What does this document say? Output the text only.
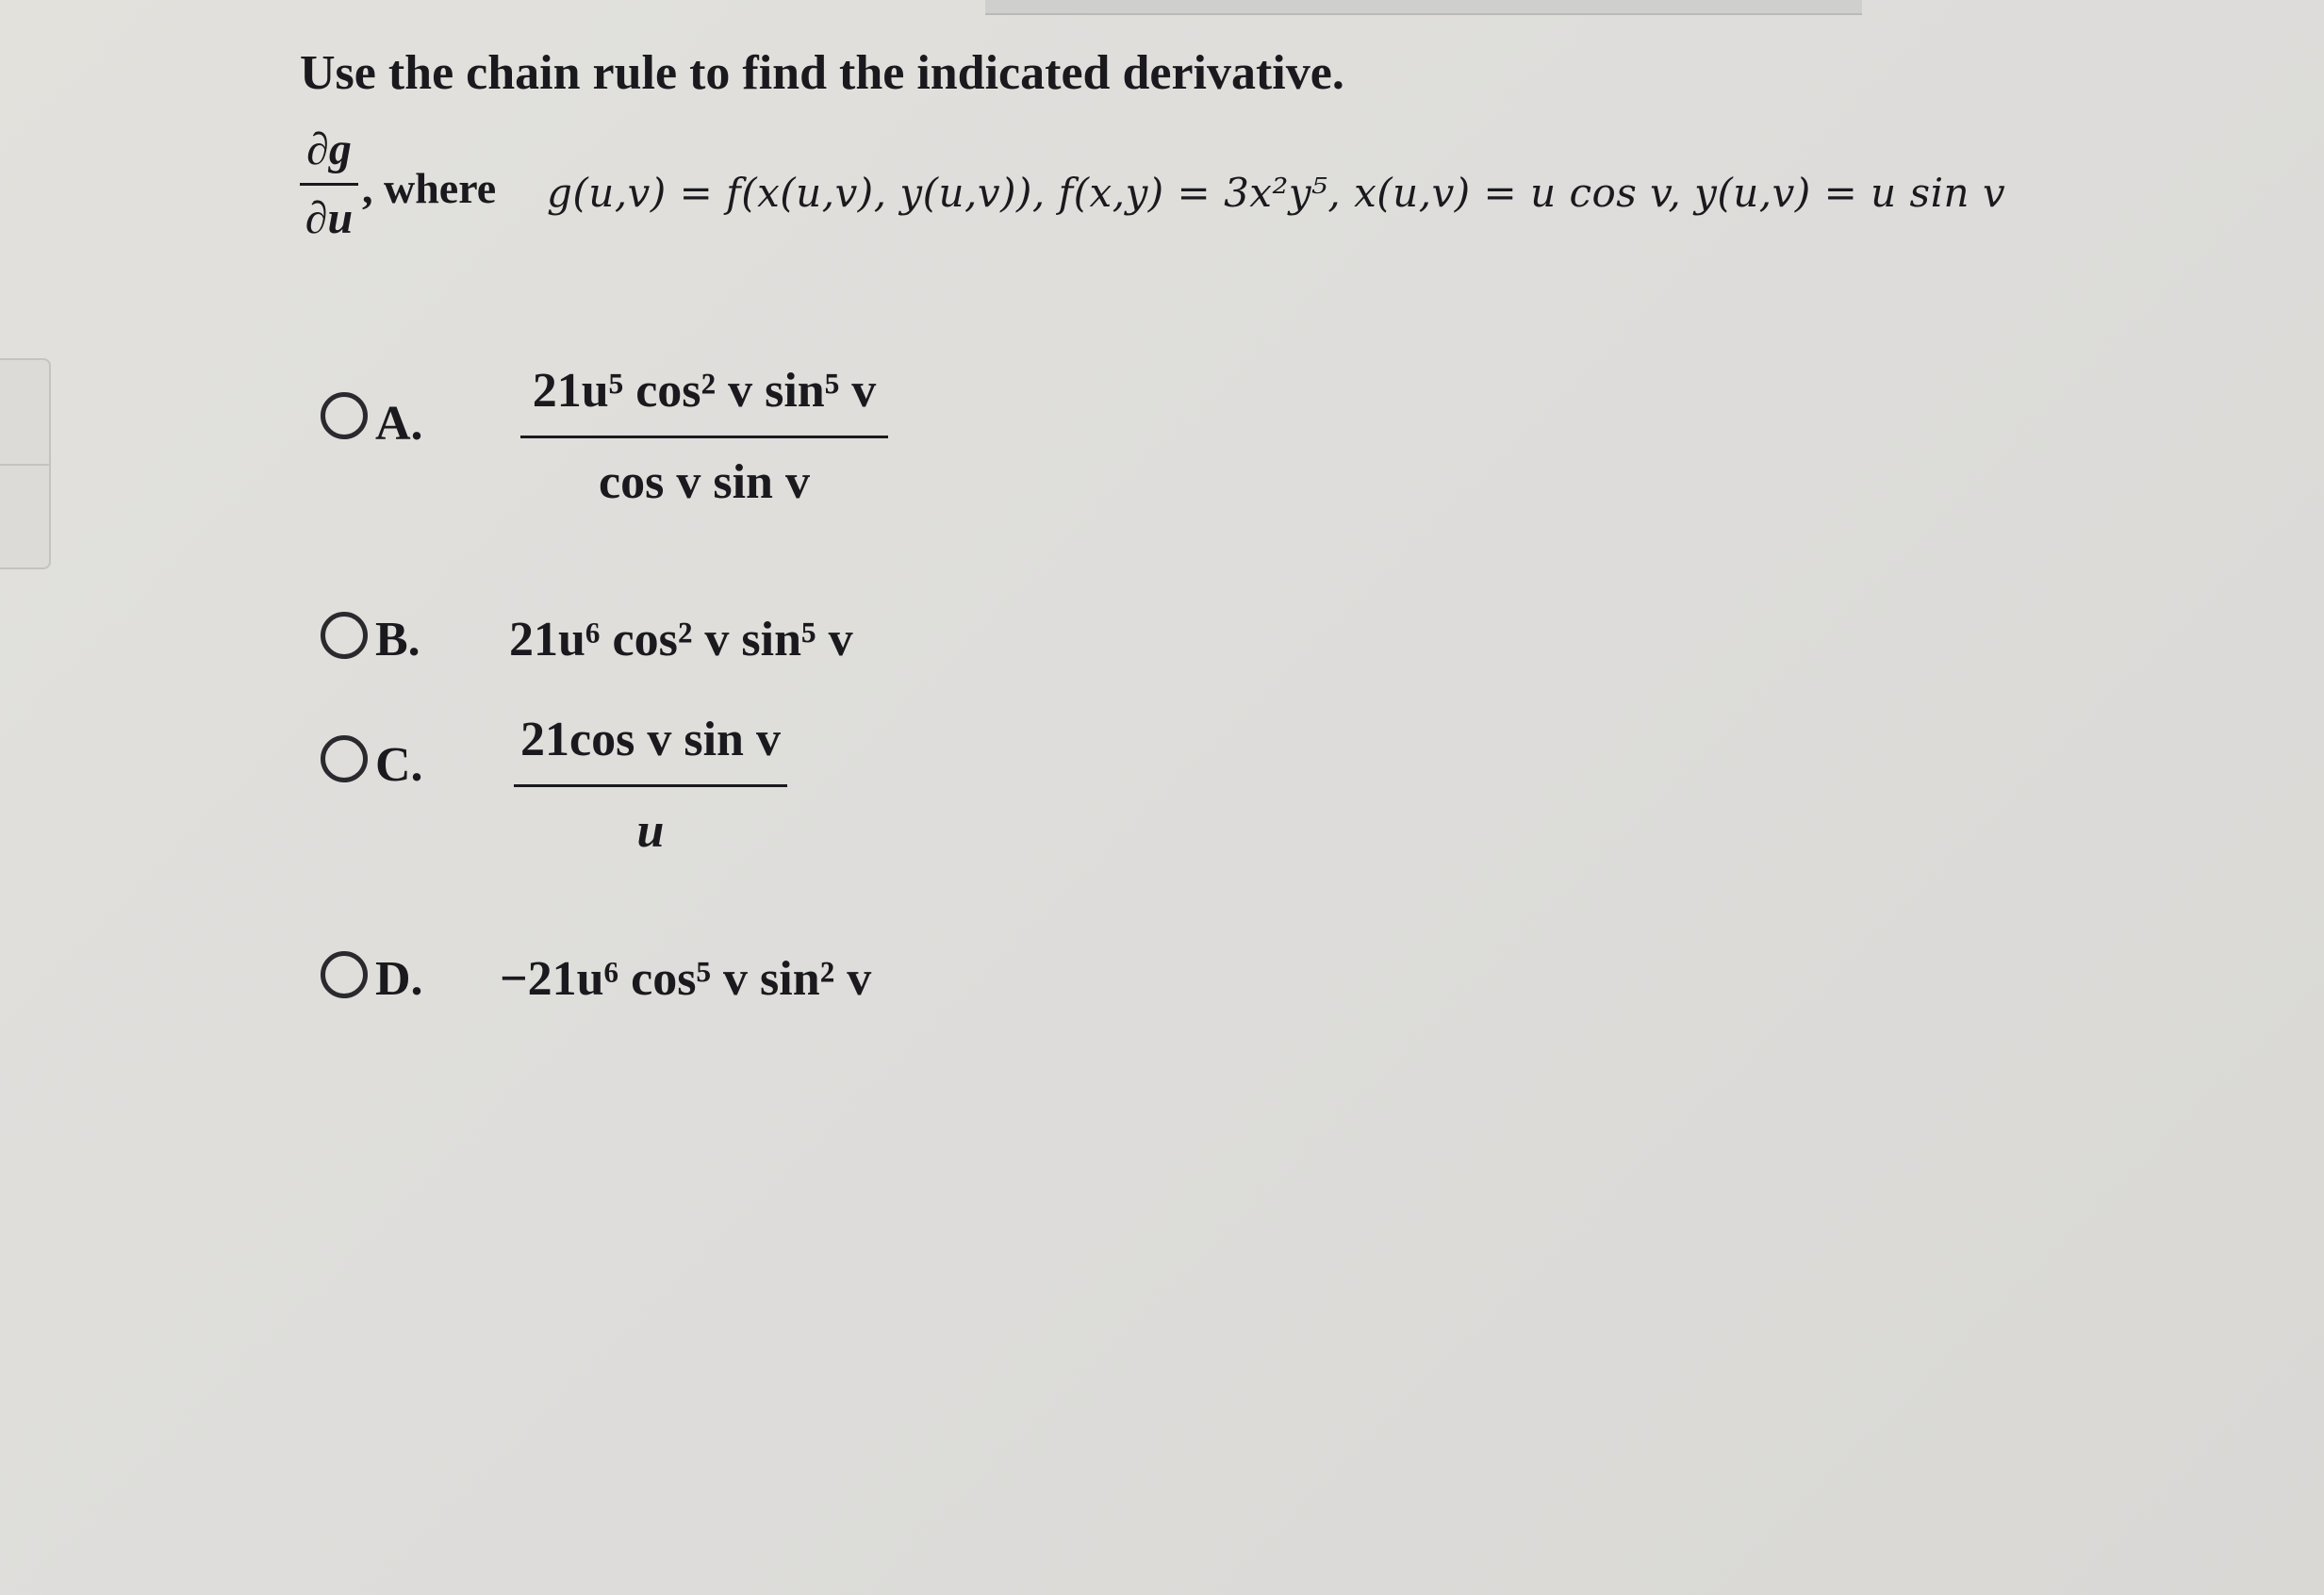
Use the chain rule to find the indicated derivative.
∂g
∂u
, where g(u,v) = f(x(u,v), y(u,v)), f(x,y) = 3x²y⁵, x(u,v) = u cos v, y(u,v) = u sin v
A.
21u⁵ cos² v sin⁵ v
cos v sin v
B. 21u⁶ cos² v sin⁵ v
C. 21cos v sin v
u
D. −21u⁶ cos⁵ v sin² v
